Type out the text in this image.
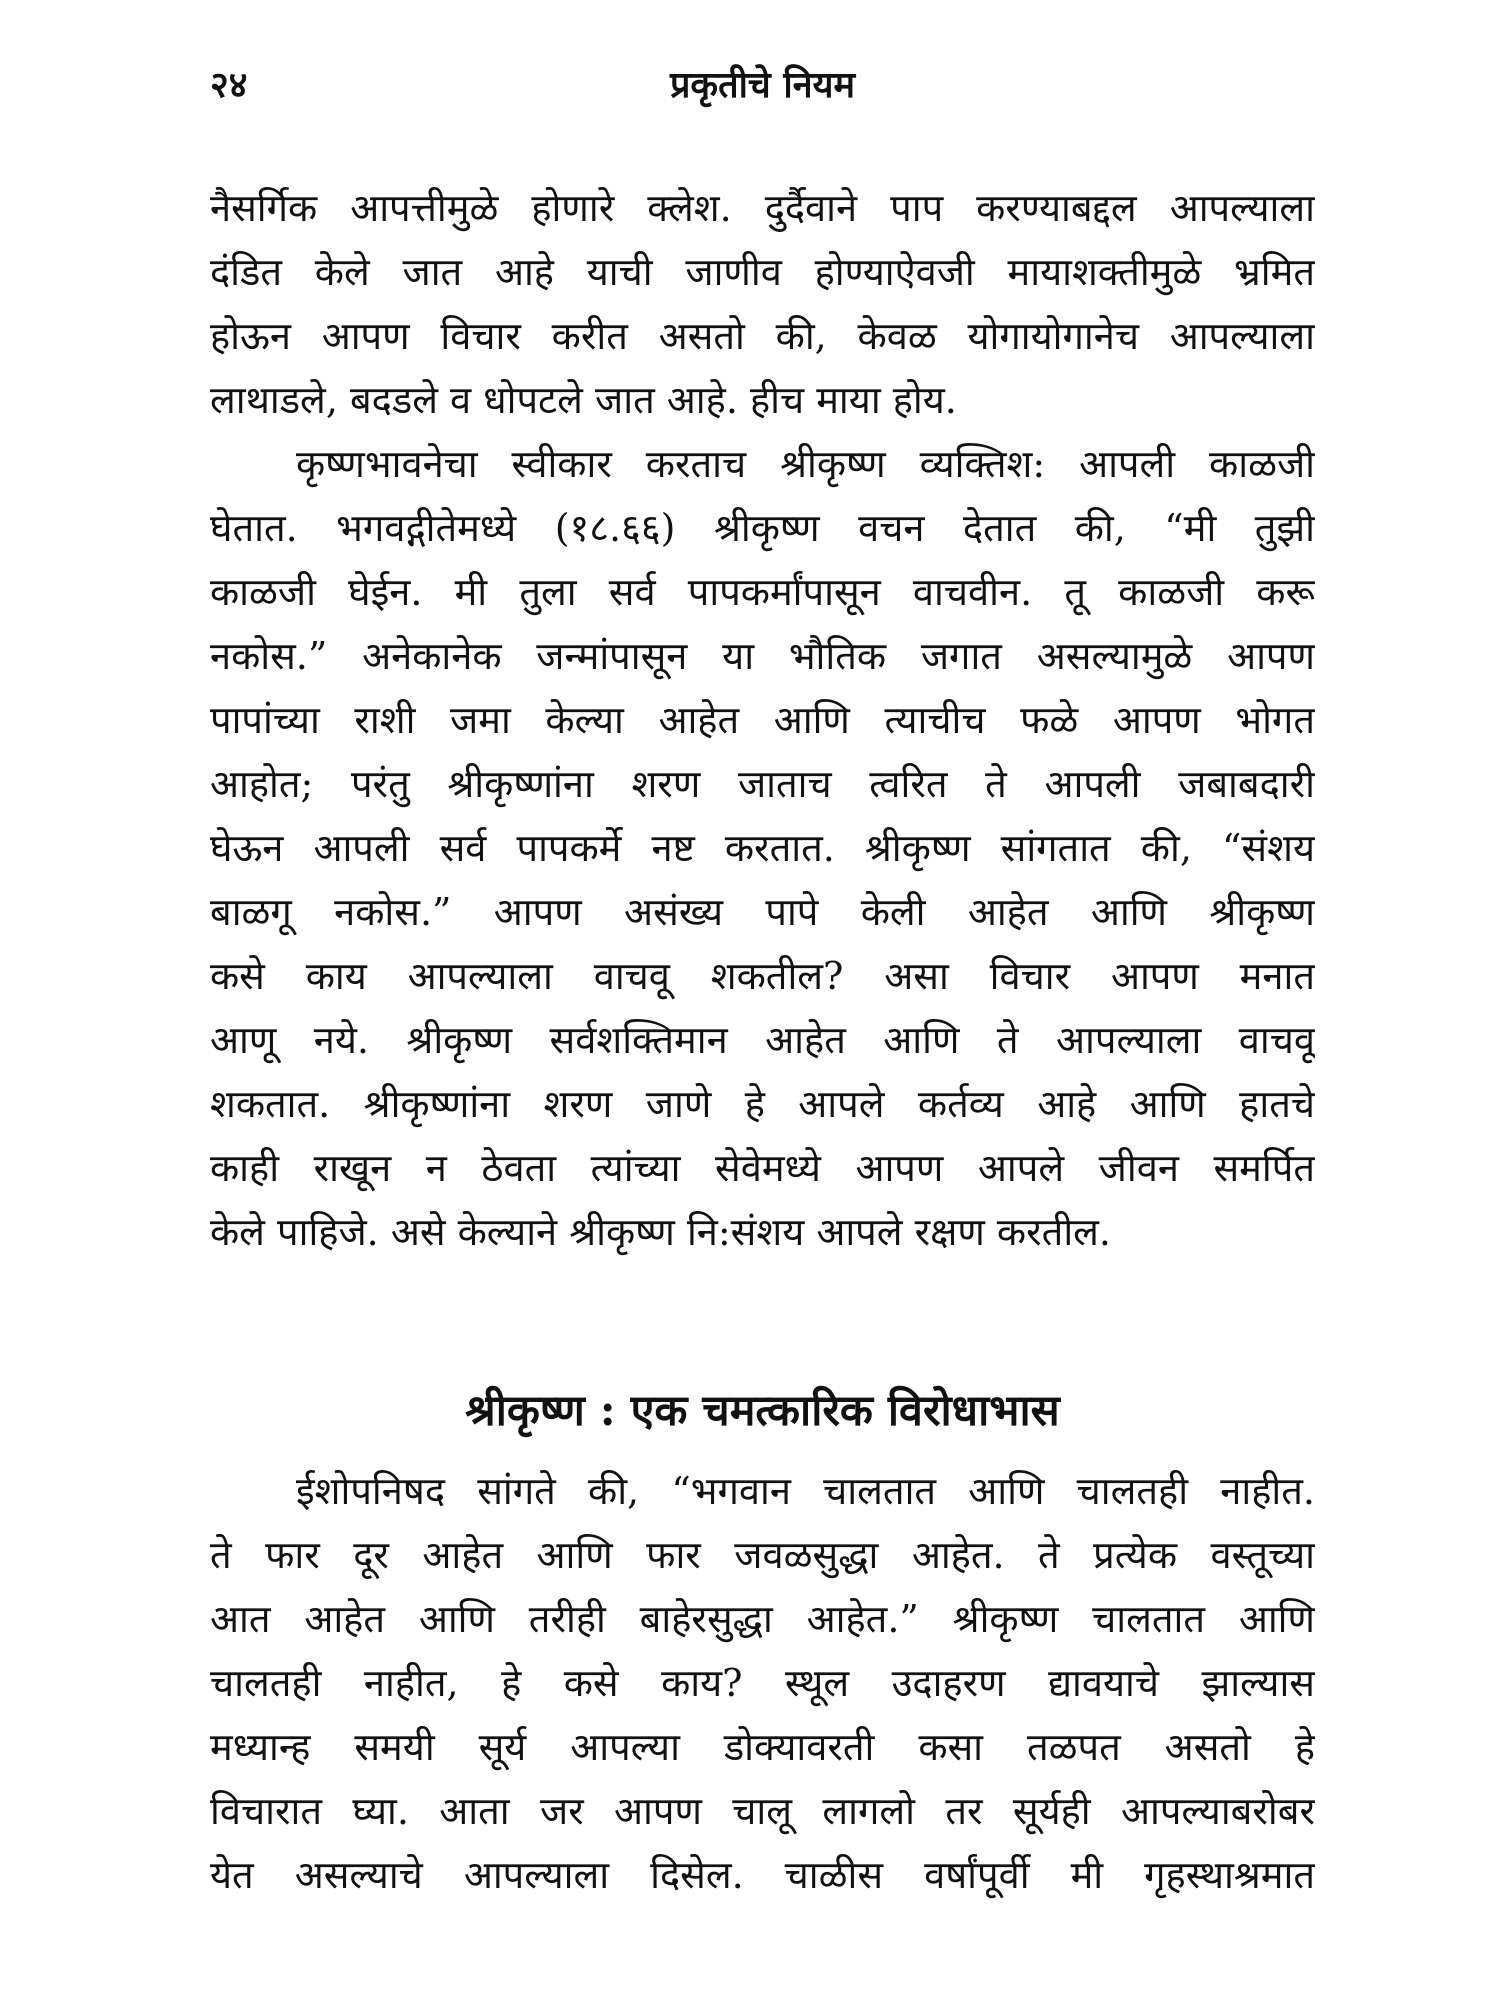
२४	प्रकृतीचे नियम
नैसर्गिक आपत्तीमुळे होणारे क्लेश. दुर्दैवाने पाप करण्याबद्दल आपल्याला
दंडित केले जात आहे याची जाणीव होण्याऐवजी मायाशक्तीमुळे भ्रमित
होऊन आपण विचार करीत असतो की, केवळ योगायोगानेच आपल्याला
लाथाडले, बदडले व धोपटले जात आहे. हीच माया होय.
कृष्णभावनेचा स्वीकार करताच श्रीकृष्ण व्यक्तिश: आपली काळजी
घेतात. भगवद्गीतेमध्ये (१८.६६) श्रीकृष्ण वचन देतात की, “मी तुझी
काळजी घेईन. मी तुला सर्व पापकर्मांपासून वाचवीन. तू काळजी करू
नकोस.” अनेकानेक जन्मांपासून या भौतिक जगात असल्यामुळे आपण
पापांच्या राशी जमा केल्या आहेत आणि त्याचीच फळे आपण भोगत
आहोत; परंतु श्रीकृष्णांना शरण जाताच त्वरित ते आपली जबाबदारी
घेऊन आपली सर्व पापकर्मे नष्ट करतात. श्रीकृष्ण सांगतात की, “संशय
बाळगू नकोस.” आपण असंख्य पापे केली आहेत आणि श्रीकृष्ण
कसे काय आपल्याला वाचवू शकतील? असा विचार आपण मनात
आणू नये. श्रीकृष्ण सर्वशक्तिमान आहेत आणि ते आपल्याला वाचवू
शकतात. श्रीकृष्णांना शरण जाणे हे आपले कर्तव्य आहे आणि हातचे
काही राखून न ठेवता त्यांच्या सेवेमध्ये आपण आपले जीवन समर्पित
केले पाहिजे. असे केल्याने श्रीकृष्ण नि:संशय आपले रक्षण करतील.
श्रीकृष्ण : एक चमत्कारिक विरोधाभास
ईशोपनिषद सांगते की, “भगवान चालतात आणि चालतही नाहीत.
ते फार दूर आहेत आणि फार जवळसुद्धा आहेत. ते प्रत्येक वस्तूच्या
आत आहेत आणि तरीही बाहेरसुद्धा आहेत.” श्रीकृष्ण चालतात आणि
चालतही नाहीत, हे कसे काय? स्थूल उदाहरण द्यावयाचे झाल्यास
मध्यान्ह समयी सूर्य आपल्या डोक्यावरती कसा तळपत असतो हे
विचारात घ्या. आता जर आपण चालू लागलो तर सूर्यही आपल्याबरोबर
येत असल्याचे आपल्याला दिसेल. चाळीस वर्षांपूर्वी मी गृहस्थाश्रमात
